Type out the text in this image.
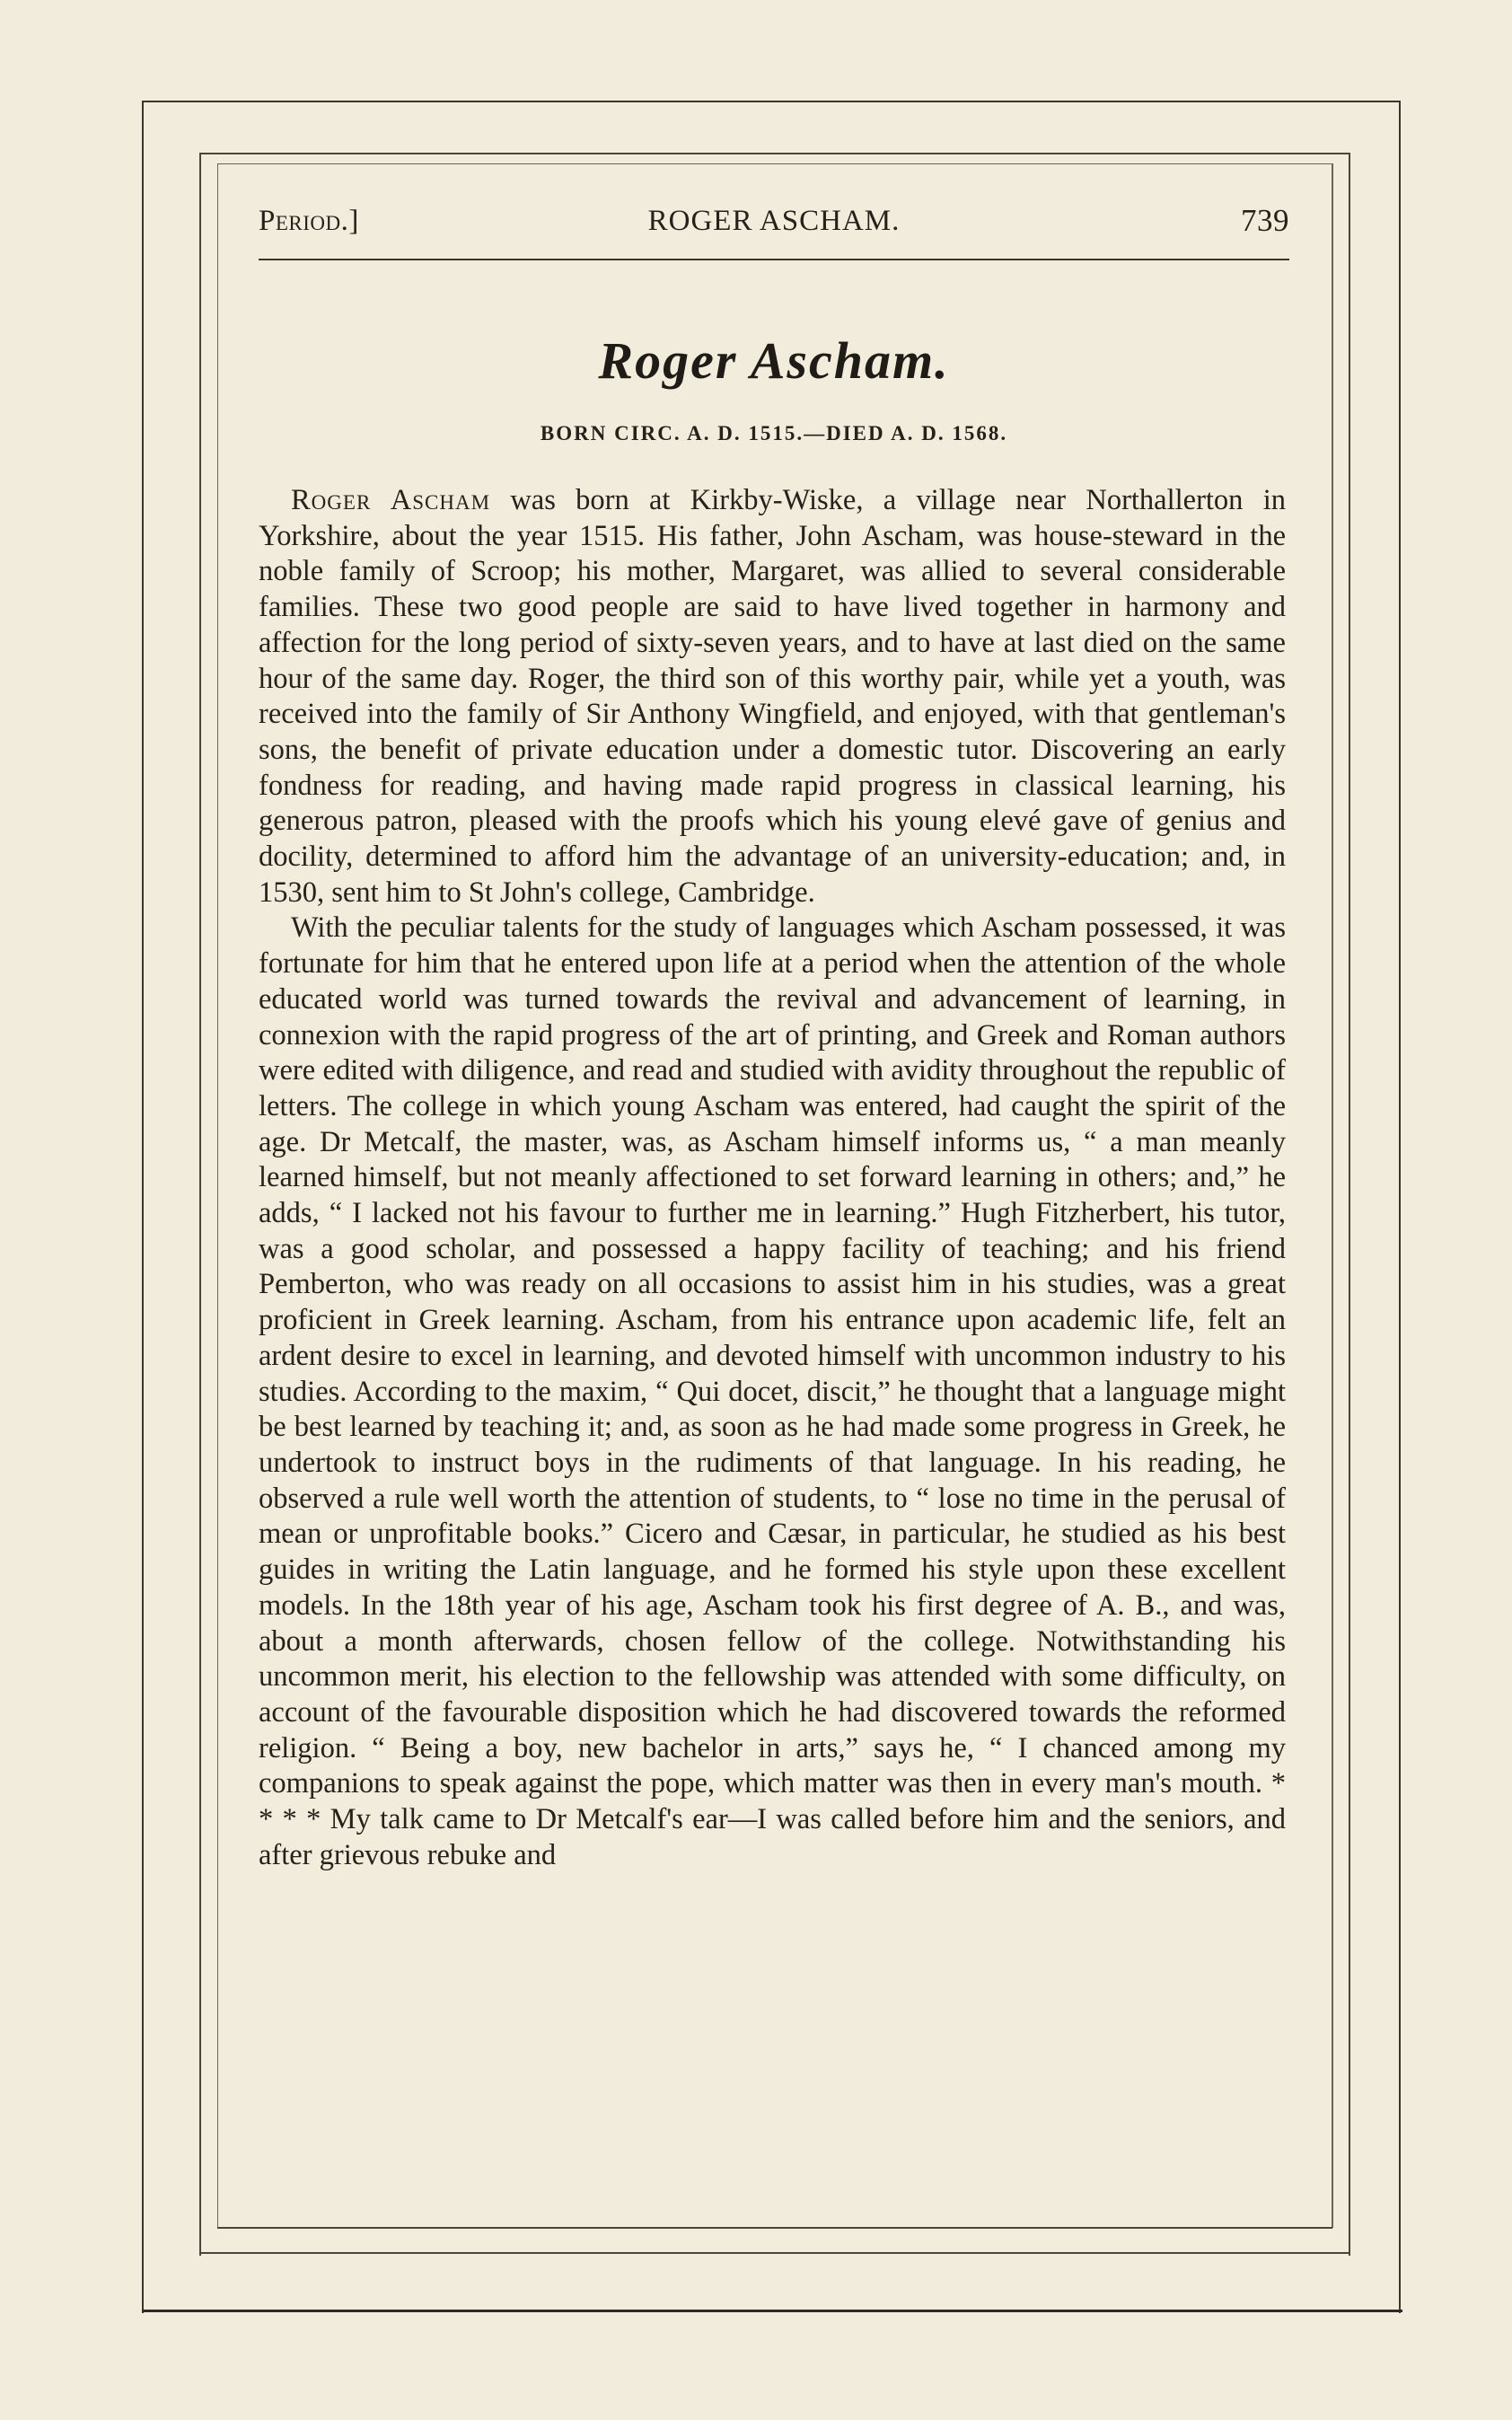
Period.]	ROGER ASCHAM.	739
Roger Ascham.
BORN CIRC. A. D. 1515.—DIED A. D. 1568.

Roger Ascham was born at Kirkby-Wiske, a village near Northallerton in Yorkshire, about the year 1515. His father, John Ascham, was house-steward in the noble family of Scroop; his mother, Margaret, was allied to several considerable families. These two good people are said to have lived together in harmony and affection for the long period of sixty-seven years, and to have at last died on the same hour of the same day. Roger, the third son of this worthy pair, while yet a youth, was received into the family of Sir Anthony Wingfield, and enjoyed, with that gentleman's sons, the benefit of private education under a domestic tutor. Discovering an early fondness for reading, and having made rapid progress in classical learning, his generous patron, pleased with the proofs which his young elevé gave of genius and docility, determined to afford him the advantage of an university-education; and, in 1530, sent him to St John's college, Cambridge.

With the peculiar talents for the study of languages which Ascham possessed, it was fortunate for him that he entered upon life at a period when the attention of the whole educated world was turned towards the revival and advancement of learning, in connexion with the rapid progress of the art of printing, and Greek and Roman authors were edited with diligence, and read and studied with avidity throughout the republic of letters. The college in which young Ascham was entered, had caught the spirit of the age. Dr Metcalf, the master, was, as Ascham himself informs us, “ a man meanly learned himself, but not meanly affectioned to set forward learning in others; and,” he adds, “ I lacked not his favour to further me in learning.” Hugh Fitzherbert, his tutor, was a good scholar, and possessed a happy facility of teaching; and his friend Pemberton, who was ready on all occasions to assist him in his studies, was a great proficient in Greek learning. Ascham, from his entrance upon academic life, felt an ardent desire to excel in learning, and devoted himself with uncommon industry to his studies. According to the maxim, “ Qui docet, discit,” he thought that a language might be best learned by teaching it; and, as soon as he had made some progress in Greek, he undertook to instruct boys in the rudiments of that language. In his reading, he observed a rule well worth the attention of students, to “ lose no time in the perusal of mean or unprofitable books.” Cicero and Cæsar, in particular, he studied as his best guides in writing the Latin language, and he formed his style upon these excellent models. In the 18th year of his age, Ascham took his first degree of A. B., and was, about a month afterwards, chosen fellow of the college. Notwithstanding his uncommon merit, his election to the fellowship was attended with some difficulty, on account of the favourable disposition which he had discovered towards the reformed religion. “ Being a boy, new bachelor in arts,” says he, “ I chanced among my companions to speak against the pope, which matter was then in every man's mouth. * * * * My talk came to Dr Metcalf's ear—I was called before him and the seniors, and after grievous rebuke and
